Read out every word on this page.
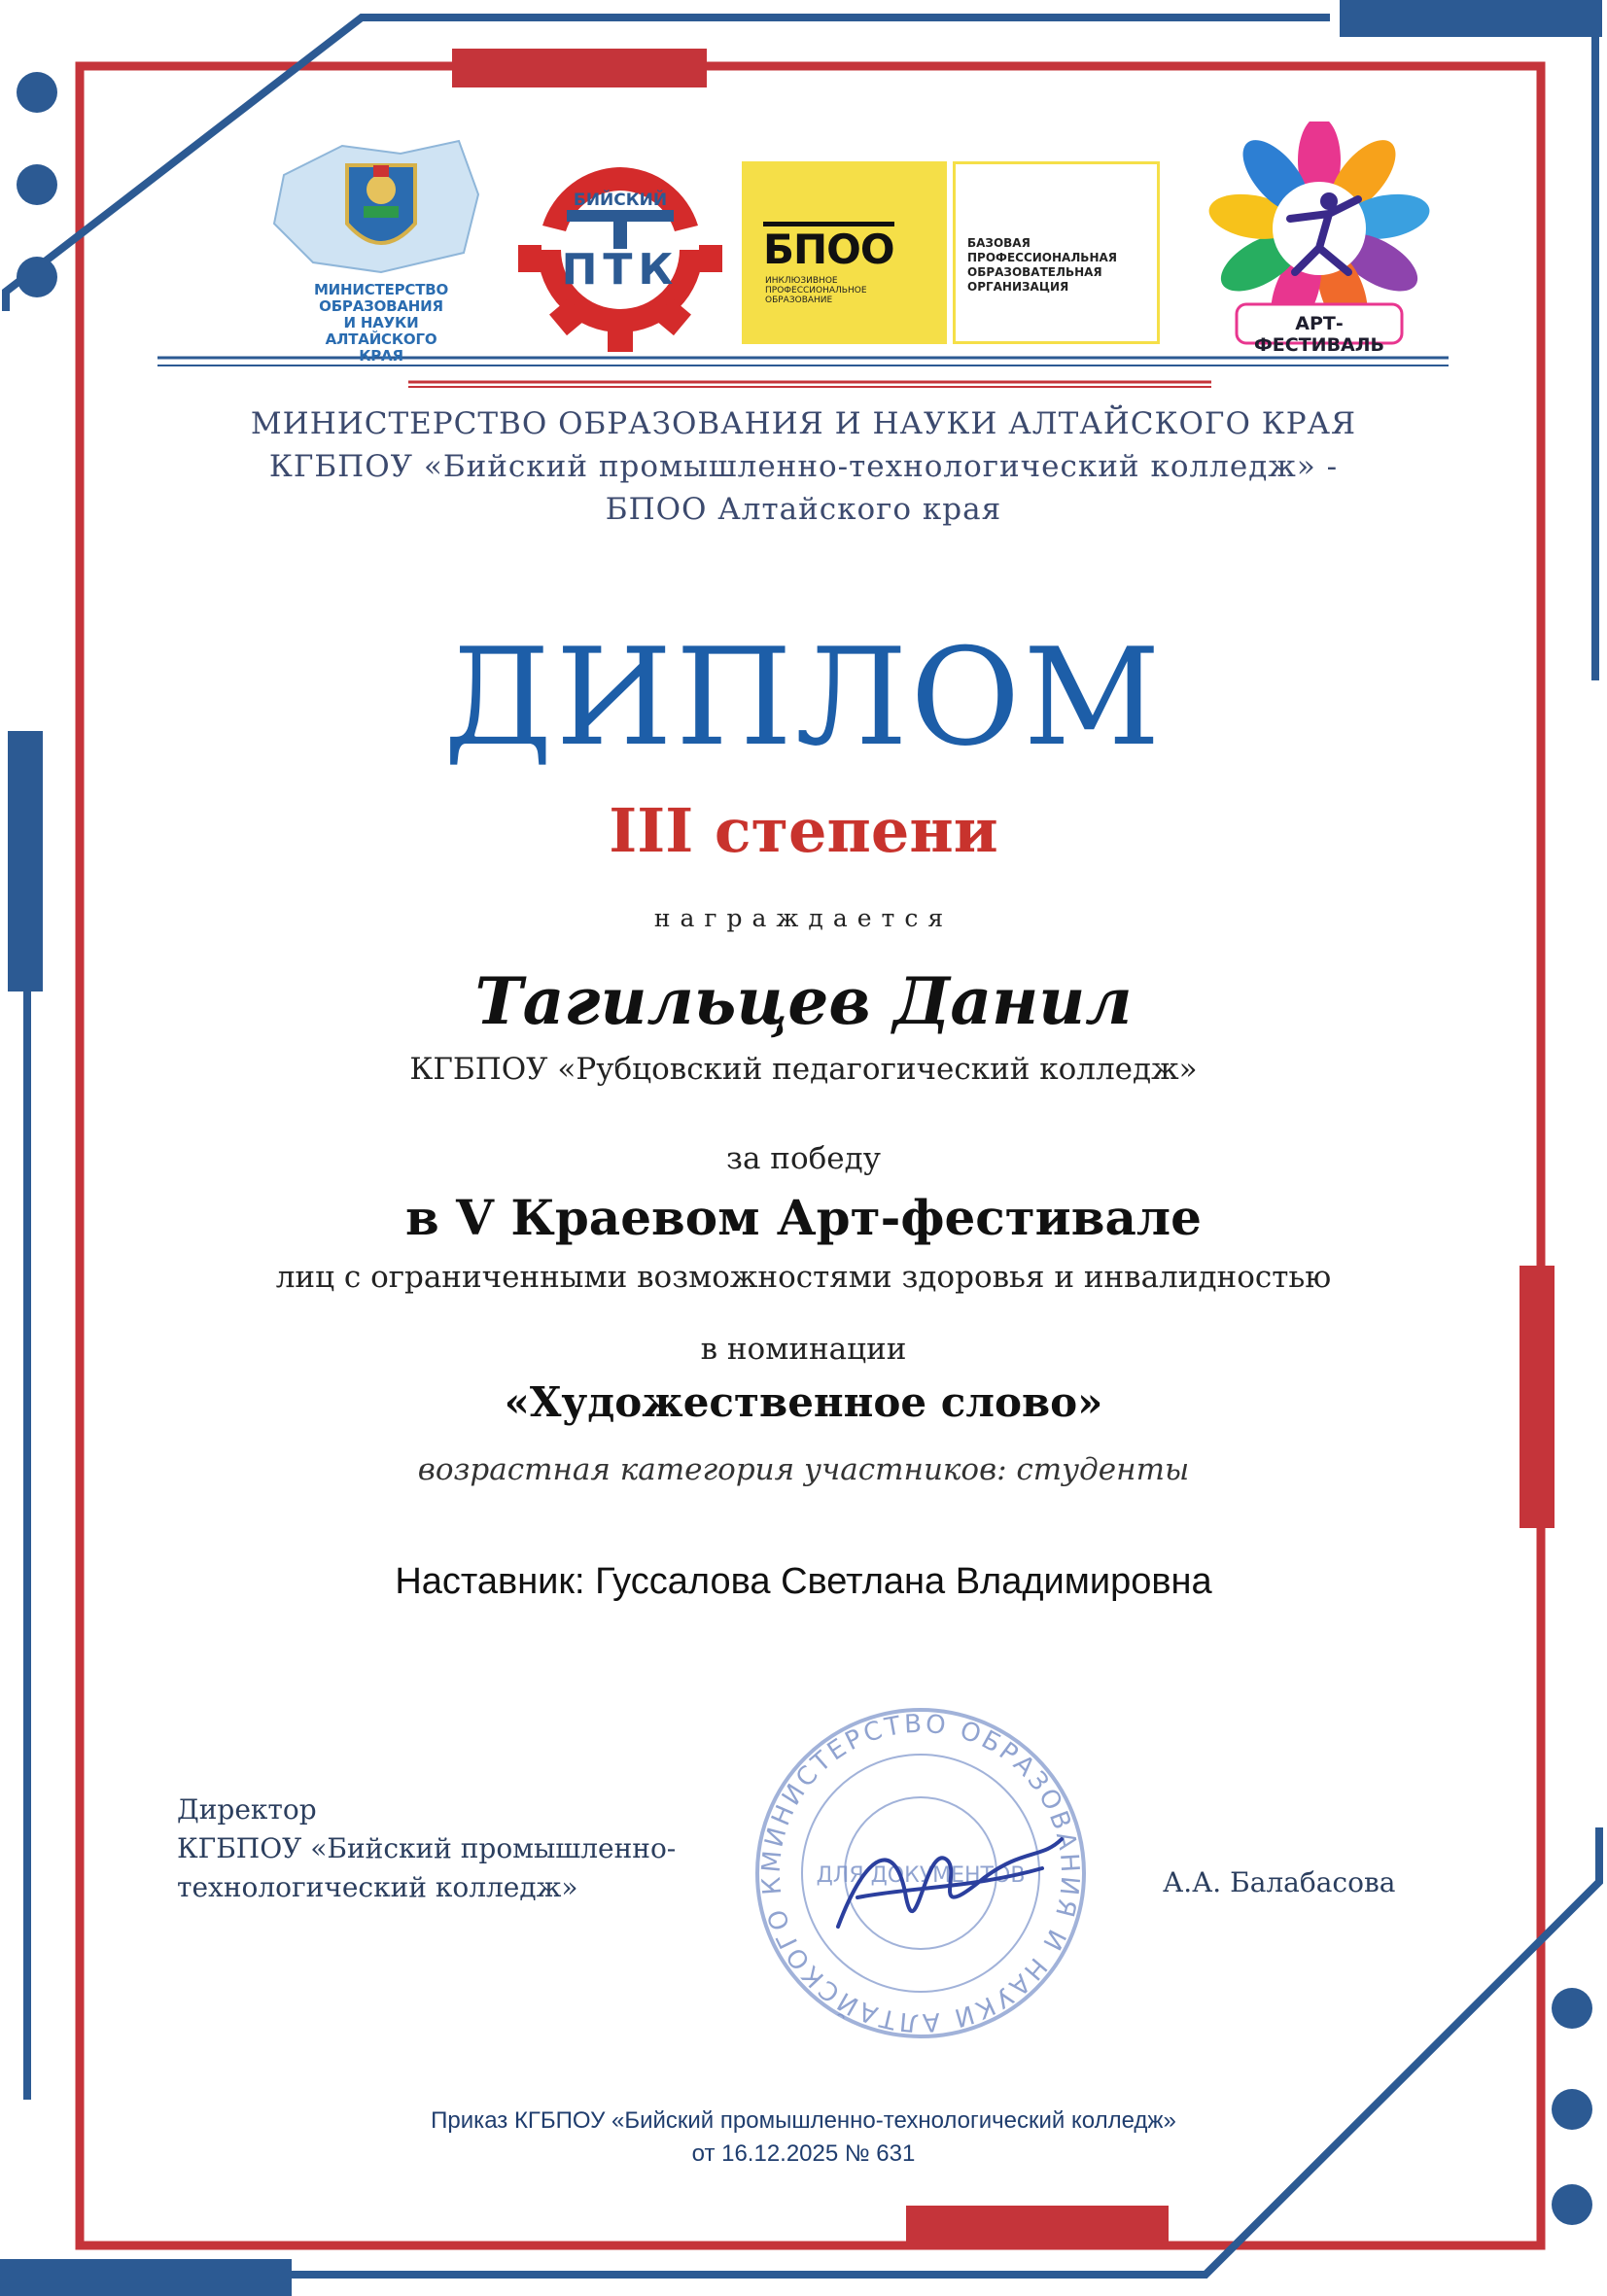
МИНИСТЕРСТВО ОБРАЗОВАНИЯ И НАУКИ АЛТАЙСКОГО КРАЯ
БИЙСКИЙ
ПТК БПОО
ИНКЛЮЗИВНОЕ ПРОФЕССИОНАЛЬНОЕ ОБРАЗОВАНИЕ
БАЗОВАЯ ПРОФЕССИОНАЛЬНАЯ ОБРАЗОВАТЕЛЬНАЯ ОРГАНИЗАЦИЯ
АРТ-ФЕСТИВАЛЬ
МИНИСТЕРСТВО ОБРАЗОВАНИЯ И НАУКИ АЛТАЙСКОГО КРАЯ
КГБПОУ «Бийский промышленно-технологический колледж» -
БПОО Алтайского края
ДИПЛОМ
III степени
награждается
Тагильцев Данил
КГБПОУ «Рубцовский педагогический колледж»
за победу
в V Краевом Арт-фестивале
лиц с ограниченными возможностями здоровья и инвалидностью
в номинации
«Художественное слово»
возрастная категория участников: студенты
Наставник: Гуссалова Светлана Владимировна
Директор
КГБПОУ «Бийский промышленно-
технологический колледж»
МИНИСТЕРСТВО ОБРАЗОВАНИЯ И НАУКИ АЛТАЙСКОГО К	ДЛЯ ДОКУМЕНТОВ	А.А. Балабасова
Приказ КГБПОУ «Бийский промышленно-технологический колледж»
от 16.12.2025 № 631
